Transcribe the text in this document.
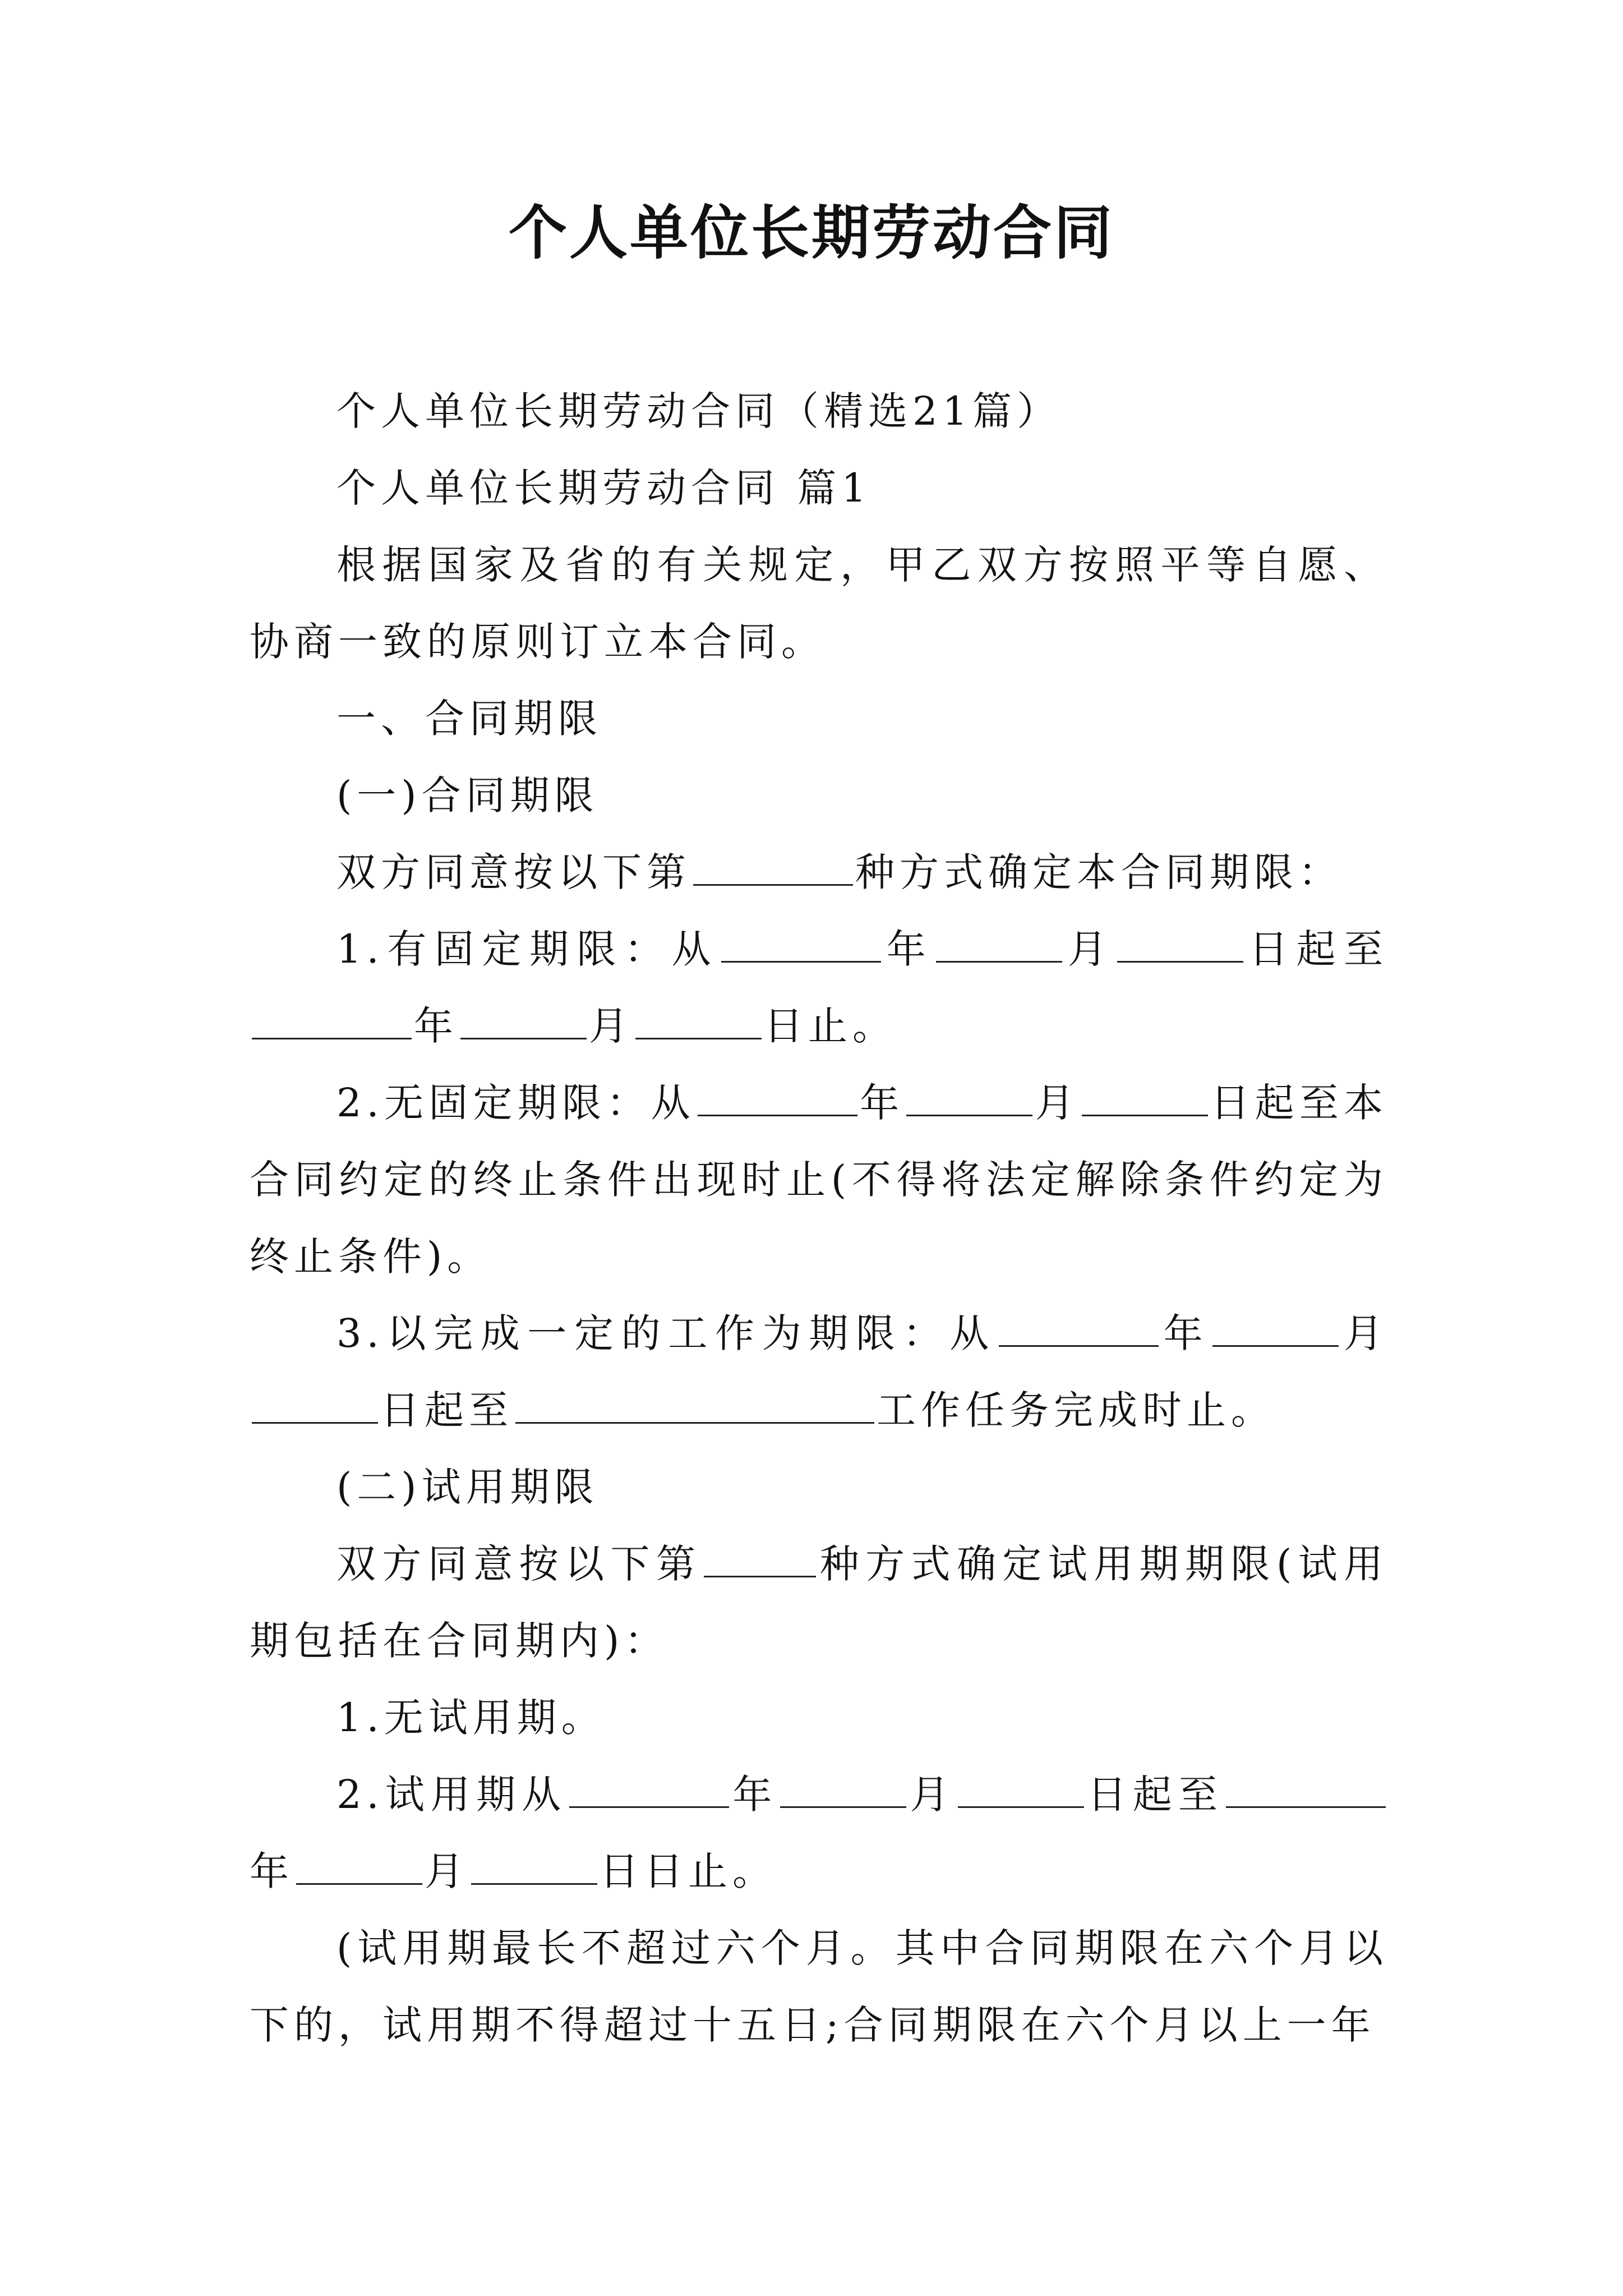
个人单位长期劳动合同

个人单位长期劳动合同（精选21篇）

个人单位长期劳动合同 篇1

根据国家及省的有关规定，甲乙双方按照平等自愿、协商一致的原则订立本合同。

一、合同期限

(一)合同期限

双方同意按以下第	种方式确定本合同期限：

1.有固定期限：从	年	月	日起至年	月	日止。

2.无固定期限：从	年	月	日起至本合同约定的终止条件出现时止(不得将法定解除条件约定为终止条件)。

3.以完成一定的工作为期限：从	年	月日起至	工作任务完成时止。

(二)试用期限

双方同意按以下第	种方式确定试用期期限(试用期包括在合同期内)：

1.无试用期。

2.试用期从	年	月	日起至年	月	日日止。

(试用期最长不超过六个月。其中合同期限在六个月以下的，试用期不得超过十五日;合同期限在六个月以上一年
